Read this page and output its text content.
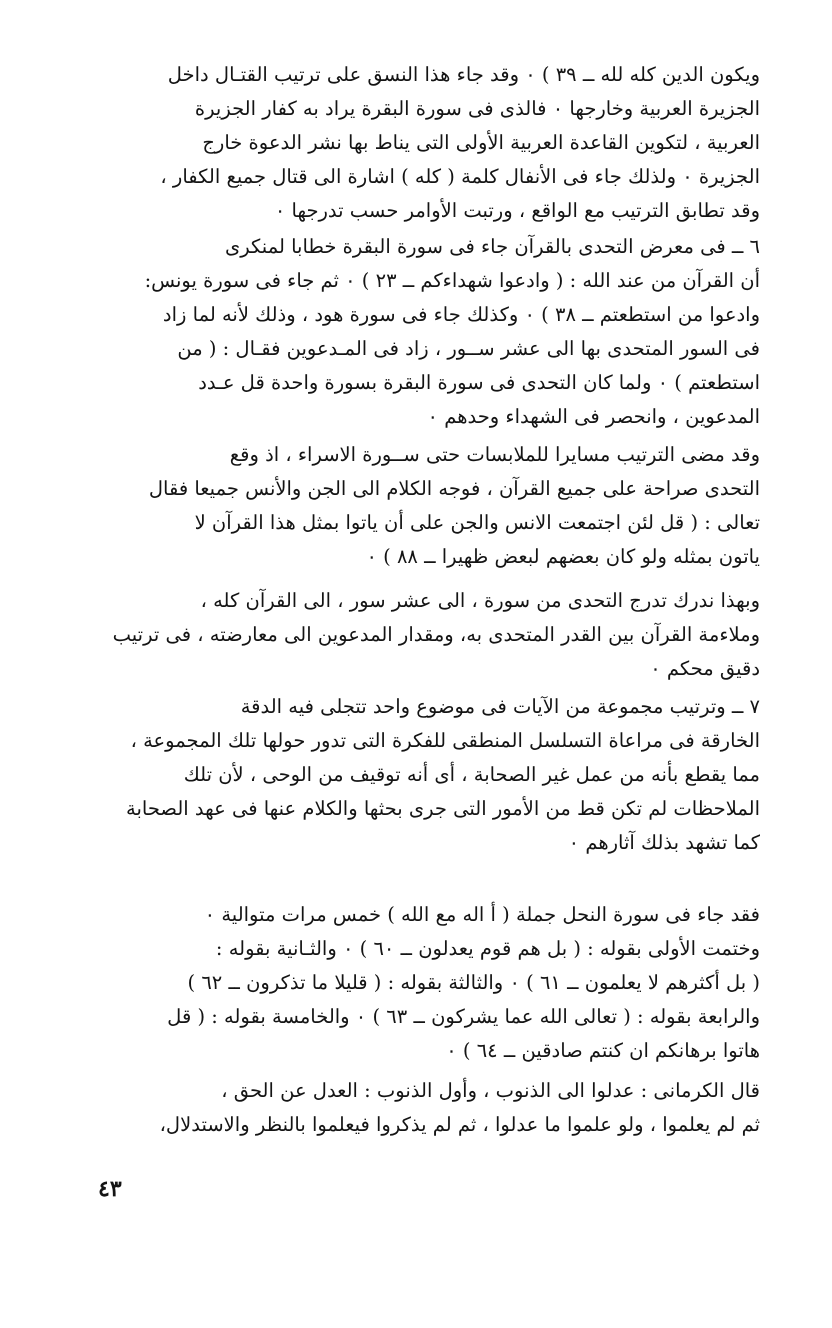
ويكون الدين كله لله ــ ٣٩ ) ٠ وقد جاء هذا النسق على ترتيب القتـال داخل
الجزيرة العربية وخارجها ٠ فالذى فى سورة البقرة يراد به كفار الجزيرة
العربية ، لتكوين القاعدة العربية الأولى التى يناط بها نشر الدعوة خارج
الجزيرة ٠ ولذلك جاء فى الأنفال كلمة ( كله ) اشارة الى قتال جميع الكفار ،
وقد تطابق الترتيب مع الواقع ، ورتبت الأوامر حسب تدرجها ٠

٦ ــ فى معرض التحدى بالقرآن جاء فى سورة البقرة خطابا لمنكرى
أن القرآن من عند الله : ( وادعوا شهداءكم ــ ٢٣ ) ٠ ثم جاء فى سورة يونس:
وادعوا من استطعتم ــ ٣٨ ) ٠ وكذلك جاء فى سورة هود ، وذلك لأنه لما زاد
فى السور المتحدى بها الى عشر ســور ، زاد فى المـدعوين فقـال : ( من
استطعتم ) ٠ ولما كان التحدى فى سورة البقرة بسورة واحدة قل عـدد
المدعوين ، وانحصر فى الشهداء وحدهم ٠

وقد مضى الترتيب مسايرا للملابسات حتى ســورة الاسراء ، اذ وقع
التحدى صراحة على جميع القرآن ، فوجه الكلام الى الجن والأنس جميعا فقال
تعالى : ( قل لئن اجتمعت الانس والجن على أن ياتوا بمثل هذا القرآن لا
ياتون بمثله ولو كان بعضهم لبعض ظهيرا ــ ٨٨ ) ٠

وبهذا ندرك تدرج التحدى من سورة ، الى عشر سور ، الى القرآن كله ،
وملاءمة القرآن بين القدر المتحدى به، ومقدار المدعوين الى معارضته ، فى ترتيب
دقيق محكم ٠

٧ ــ وترتيب مجموعة من الآيات فى موضوع واحد تتجلى فيه الدقة
الخارقة فى مراعاة التسلسل المنطقى للفكرة التى تدور حولها تلك المجموعة ،
مما يقطع بأنه من عمل غير الصحابة ، أى أنه توقيف من الوحى ، لأن تلك
الملاحظات لم تكن قط من الأمور التى جرى بحثها والكلام عنها فى عهد الصحابة
كما تشهد بذلك آثارهم ٠

فقد جاء فى سورة النحل جملة ( أ اله مع الله ) خمس مرات متوالية ٠
وختمت الأولى بقوله : ( بل هم قوم يعدلون ــ ٦٠ ) ٠ والثـانية بقوله :
( بل أكثرهم لا يعلمون ــ ٦١ ) ٠ والثالثة بقوله : ( قليلا ما تذكرون ــ ٦٢ )
والرابعة بقوله : ( تعالى الله عما يشركون ــ ٦٣ ) ٠ والخامسة بقوله : ( قل
هاتوا برهانكم ان كنتم صادقين ــ ٦٤ ) ٠

قال الكرمانى : عدلوا الى الذنوب ، وأول الذنوب : العدل عن الحق ،
ثم لم يعلموا ، ولو علموا ما عدلوا ، ثم لم يذكروا فيعلموا بالنظر والاستدلال،

٤٣
